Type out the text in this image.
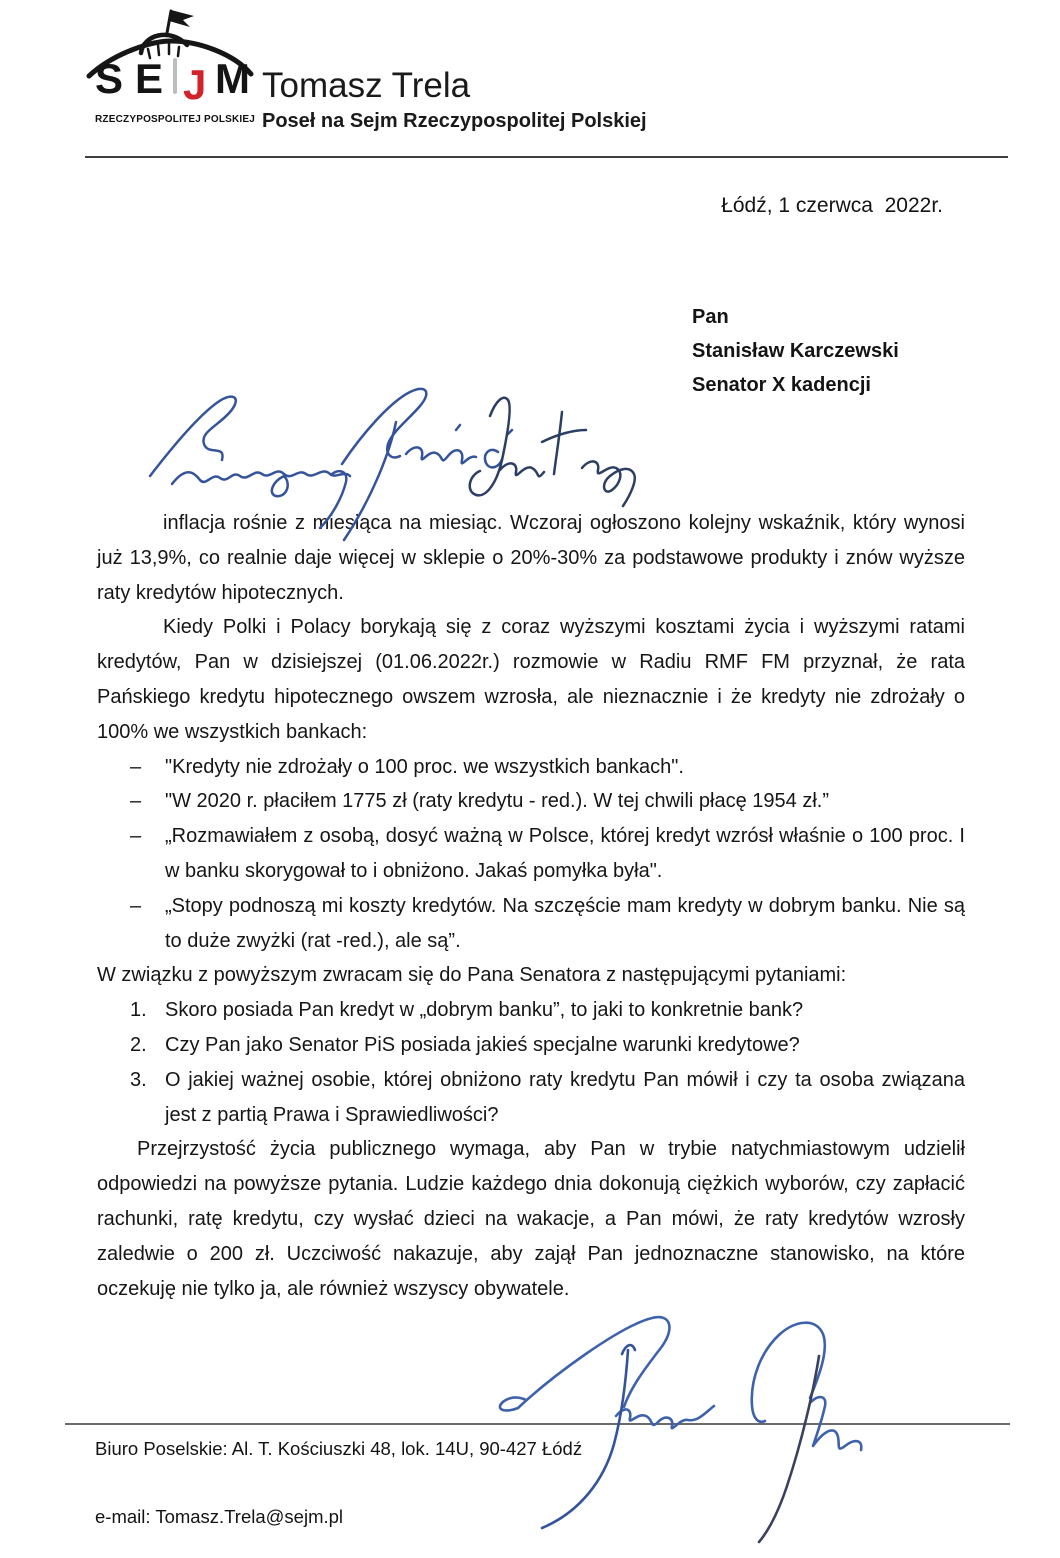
S E J M
RZECZYPOSPOLITEJ POLSKIEJ
Tomasz Trela
Poseł na Sejm Rzeczypospolitej Polskiej
Łódź, 1 czerwca  2022r.
Pan
Stanisław Karczewski
Senator X kadencji

inflacja rośnie z miesiąca na miesiąc. Wczoraj ogłoszono kolejny wskaźnik, który wynosi już 13,9%, co realnie daje więcej w sklepie o 20%-30% za podstawowe produkty i znów wyższe raty kredytów hipotecznych.

Kiedy Polki i Polacy borykają się z coraz wyższymi kosztami życia i wyższymi ratami kredytów, Pan w dzisiejszej (01.06.2022r.) rozmowie w Radiu RMF FM przyznał, że rata Pańskiego kredytu hipotecznego owszem wzrosła, ale nieznacznie i że kredyty nie zdrożały o 100% we wszystkich bankach:

– "Kredyty nie zdrożały o 100 proc. we wszystkich bankach".
– "W 2020 r. płaciłem 1775 zł (raty kredytu - red.). W tej chwili płacę 1954 zł.”
– „Rozmawiałem z osobą, dosyć ważną w Polsce, której kredyt wzrósł właśnie o 100 proc. I w banku skorygował to i obniżono. Jakaś pomyłka była".
– „Stopy podnoszą mi koszty kredytów. Na szczęście mam kredyty w dobrym banku. Nie są to duże zwyżki (rat -red.), ale są”.

W związku z powyższym zwracam się do Pana Senatora z następującymi pytaniami:

1. Skoro posiada Pan kredyt w „dobrym banku”, to jaki to konkretnie bank?
2. Czy Pan jako Senator PiS posiada jakieś specjalne warunki kredytowe?
3. O jakiej ważnej osobie, której obniżono raty kredytu Pan mówił i czy ta osoba związana jest z partią Prawa i Sprawiedliwości?

Przejrzystość życia publicznego wymaga, aby Pan w trybie natychmiastowym udzielił odpowiedzi na powyższe pytania. Ludzie każdego dnia dokonują ciężkich wyborów, czy zapłacić rachunki, ratę kredytu, czy wysłać dzieci na wakacje, a Pan mówi, że raty kredytów wzrosły zaledwie o 200 zł. Uczciwość nakazuje, aby zajął Pan jednoznaczne stanowisko, na które oczekuję nie tylko ja, ale również wszyscy obywatele.

Biuro Poselskie: Al. T. Kościuszki 48, lok. 14U, 90-427 Łódź
e-mail: Tomasz.Trela@sejm.pl
